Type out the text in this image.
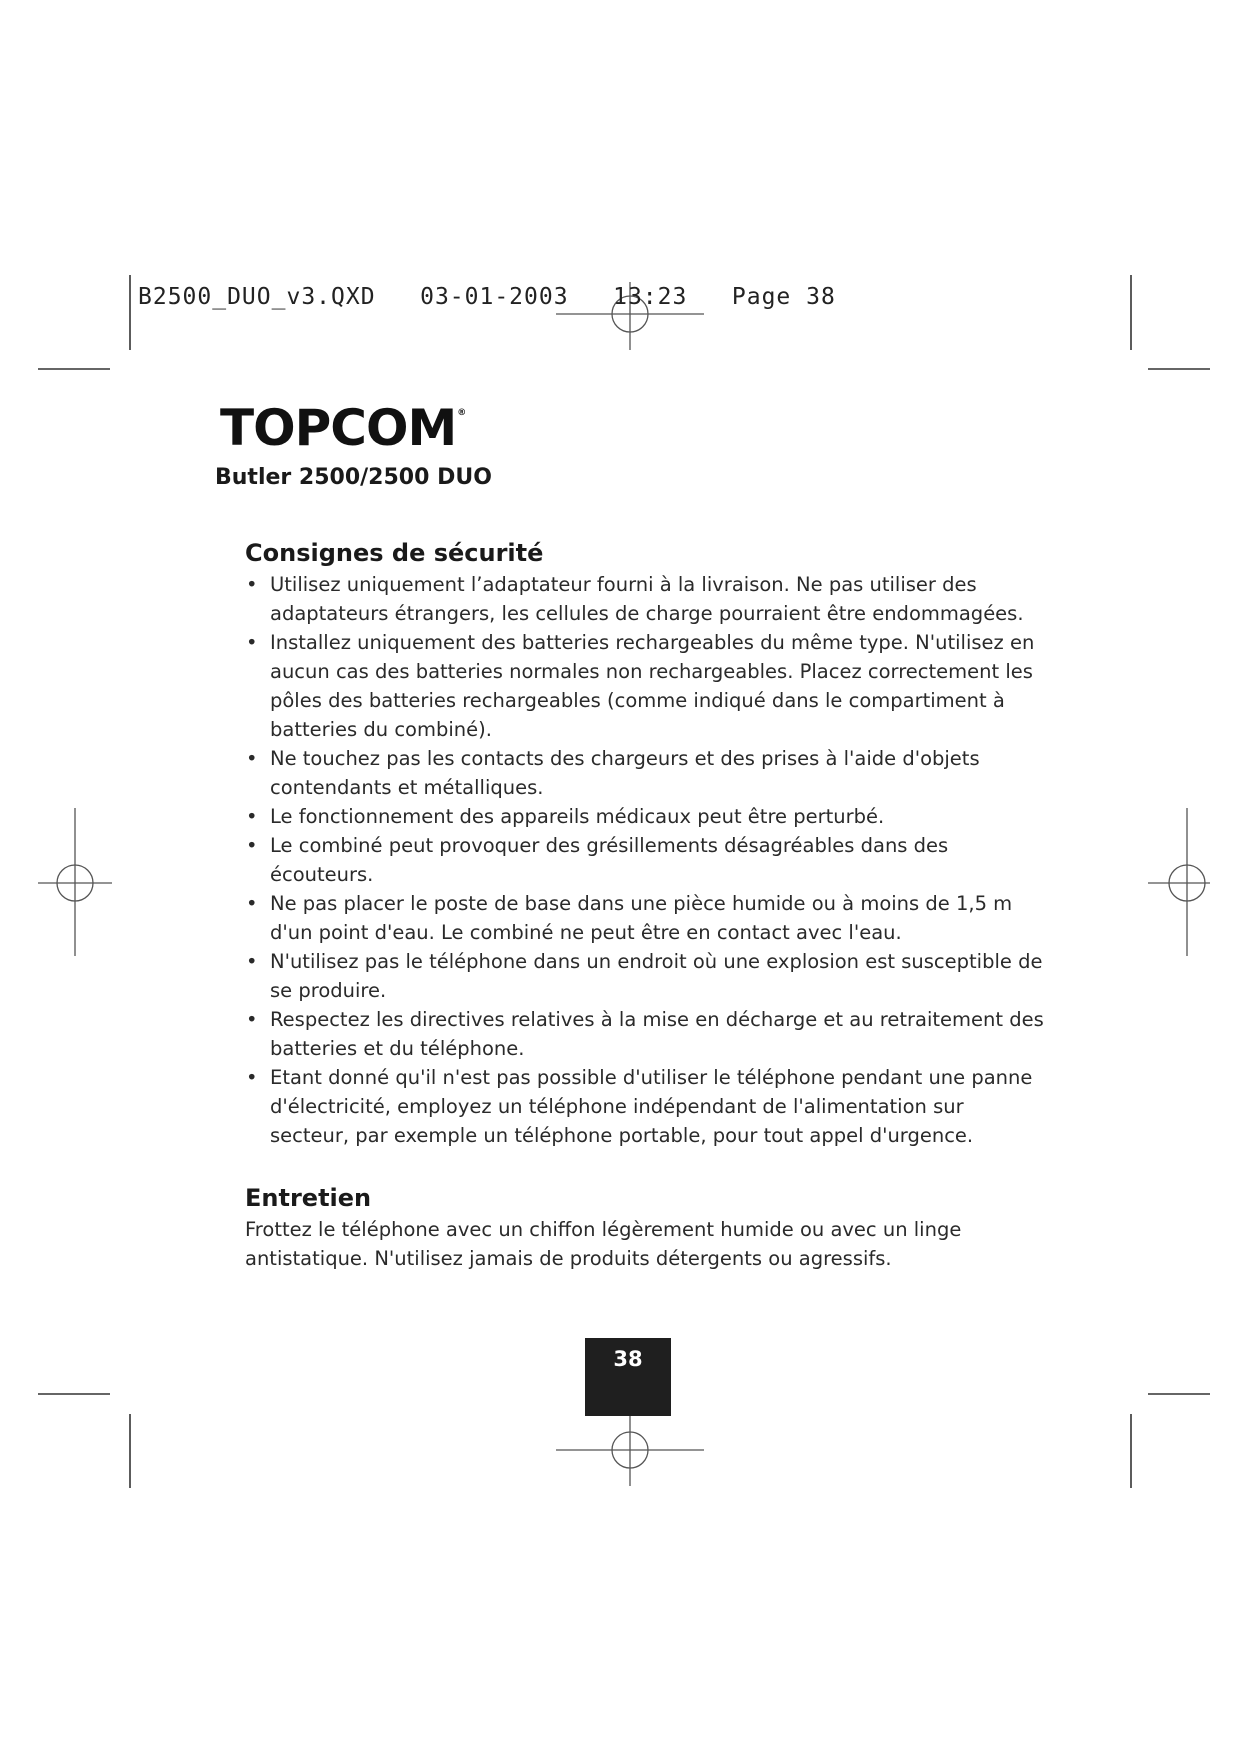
B2500_DUO_v3.QXD   03-01-2003   13:23   Page 38
TOPCOM®
Butler 2500/2500 DUO
Consignes de sécurité
• Utilisez uniquement l’adaptateur fourni à la livraison. Ne pas utiliser des adaptateurs étrangers, les cellules de charge pourraient être endommagées.
• Installez uniquement des batteries rechargeables du même type. N'utilisez en aucun cas des batteries normales non rechargeables. Placez correctement les pôles des batteries rechargeables (comme indiqué dans le compartiment à batteries du combiné).
• Ne touchez pas les contacts des chargeurs et des prises à l'aide d'objets contendants et métalliques.
• Le fonctionnement des appareils médicaux peut être perturbé.
• Le combiné peut provoquer des grésillements désagréables dans des écouteurs.
• Ne pas placer le poste de base dans une pièce humide ou à moins de 1,5 m d'un point d'eau. Le combiné ne peut être en contact avec l'eau.
• N'utilisez pas le téléphone dans un endroit où une explosion est susceptible de se produire.
• Respectez les directives relatives à la mise en décharge et au retraitement des batteries et du téléphone.
• Etant donné qu'il n'est pas possible d'utiliser le téléphone pendant une panne d'électricité, employez un téléphone indépendant de l'alimentation sur secteur, par exemple un téléphone portable, pour tout appel d'urgence.
Entretien

Frottez le téléphone avec un chiffon légèrement humide ou avec un linge antistatique. N'utilisez jamais de produits détergents ou agressifs.

38
